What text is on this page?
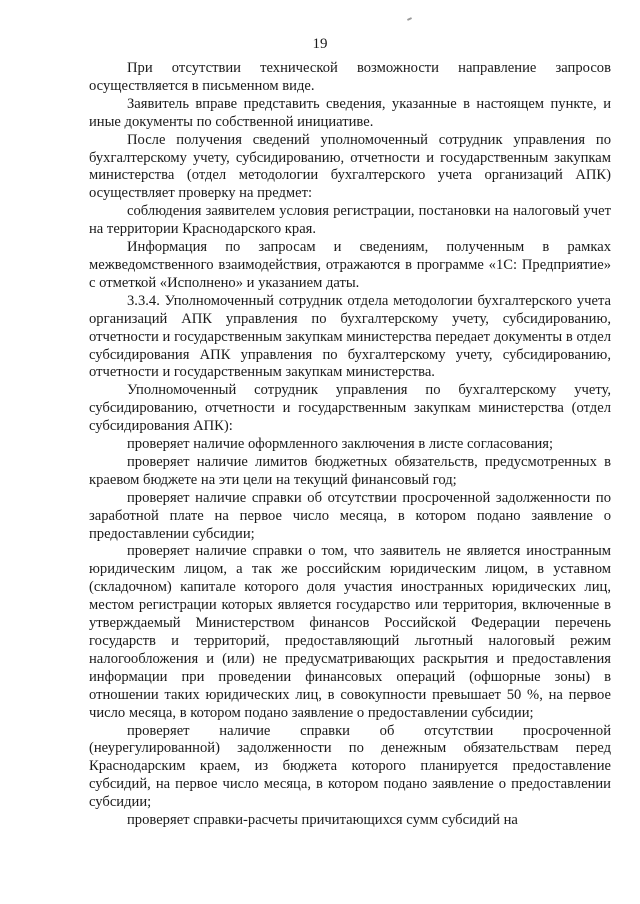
19

При отсутствии технической возможности направление запросов осуществляется в письменном виде.

Заявитель вправе представить сведения, указанные в настоящем пункте, и иные документы по собственной инициативе.

После получения сведений уполномоченный сотрудник управления по бухгалтерскому учету, субсидированию, отчетности и государственным закупкам министерства (отдел методологии бухгалтерского учета организаций АПК) осуществляет проверку на предмет:

соблюдения заявителем условия регистрации, постановки на налоговый учет на территории Краснодарского края.

Информация по запросам и сведениям, полученным в рамках межведомственного взаимодействия, отражаются в программе «1С: Предприятие» с отметкой «Исполнено» и указанием даты.

3.3.4. Уполномоченный сотрудник отдела методологии бухгалтерского учета организаций АПК управления по бухгалтерскому учету, субсидированию, отчетности и государственным закупкам министерства передает документы в отдел субсидирования АПК управления по бухгалтерскому учету, субсидированию, отчетности и государственным закупкам министерства.

Уполномоченный сотрудник управления по бухгалтерскому учету, субсидированию, отчетности и государственным закупкам министерства (отдел субсидирования АПК):

проверяет наличие оформленного заключения в листе согласования;

проверяет наличие лимитов бюджетных обязательств, предусмотренных в краевом бюджете на эти цели на текущий финансовый год;

проверяет наличие справки об отсутствии просроченной задолженности по заработной плате на первое число месяца, в котором подано заявление о предоставлении субсидии;

проверяет наличие справки о том, что заявитель не является иностранным юридическим лицом, а так же российским юридическим лицом, в уставном (складочном) капитале которого доля участия иностранных юридических лиц, местом регистрации которых является государство или территория, включенные в утверждаемый Министерством финансов Российской Федерации перечень государств и территорий, предоставляющий льготный налоговый режим налогообложения и (или) не предусматривающих раскрытия и предоставления информации при проведении финансовых операций (офшорные зоны) в отношении таких юридических лиц, в совокупности превышает 50 %, на первое число месяца, в котором подано заявление о предоставлении субсидии;

проверяет наличие справки об отсутствии просроченной (неурегулированной) задолженности по денежным обязательствам перед Краснодарским краем, из бюджета которого планируется предоставление субсидий, на первое число месяца, в котором подано заявление о предоставлении субсидии;

проверяет справки-расчеты причитающихся сумм субсидий на
